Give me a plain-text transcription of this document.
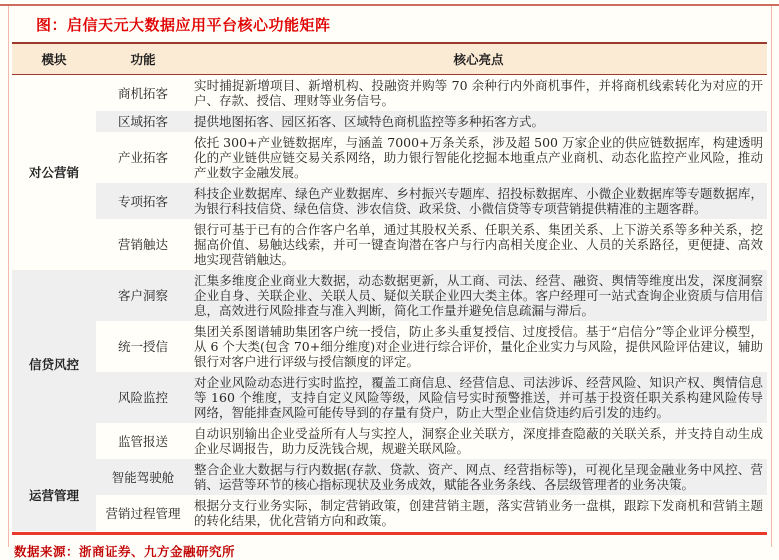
图：启信天元大数据应用平台核心功能矩阵
模块	功能	核心亮点
对公营销	商机拓客	实时捕捉新增项目、新增机构、投融资并购等 70 余种行内外商机事件，并将商机线索转化为对应的开户、存款、授信、理财等业务信号。
	区域拓客	提供地图拓客、园区拓客、区域特色商机监控等多种拓客方式。
	产业拓客	依托 300+产业链数据库，与涵盖 7000+万条关系，涉及超 500 万家企业的供应链数据库，构建透明化的产业链供应链交易关系网络，助力银行智能化挖掘本地重点产业商机、动态化监控产业风险，推动产业数字金融发展。
	专项拓客	科技企业数据库、绿色产业数据库、乡村振兴专题库、招投标数据库、小微企业数据库等专题数据库，为银行科技信贷、绿色信贷、涉农信贷、政采贷、小微信贷等专项营销提供精准的主题客群。
	营销触达	银行可基于已有的合作客户名单，通过其股权关系、任职关系、集团关系、上下游关系等多种关系，挖掘高价值、易触达线索，并可一键查询潜在客户与行内高相关度企业、人员的关系路径，更便捷、高效地实现营销触达。
信贷风控	客户洞察	汇集多维度企业商业大数据，动态数据更新，从工商、司法、经营、融资、舆情等维度出发，深度洞察企业自身、关联企业、关联人员、疑似关联企业四大类主体。客户经理可一站式查询企业资质与信用信息，高效进行风险排查与准入判断，简化工作量并避免信息疏漏与滞后。
	统一授信	集团关系图谱辅助集团客户统一授信，防止多头重复授信、过度授信。基于“启信分”等企业评分模型，从 6 个大类(包含 70+细分维度)对企业进行综合评价，量化企业实力与风险，提供风险评估建议，辅助银行对客户进行评级与授信额度的评定。
	风险监控	对企业风险动态进行实时监控，覆盖工商信息、经营信息、司法涉诉、经营风险、知识产权、舆情信息等 160 个维度，支持自定义风险等级，风险信号实时预警推送，并可基于投资任职关系构建风险传导网络，智能排查风险可能传导到的存量有贷户，防止大型企业信贷违约后引发的违约。
	监管报送	自动识别输出企业受益所有人与实控人，洞察企业关联方，深度排查隐蔽的关联关系，并支持自动生成企业尽调报告，助力反洗钱合规，规避关联风险。
运营管理	智能驾驶舱	整合企业大数据与行内数据(存款、贷款、资产、网点、经营指标等)，可视化呈现金融业务中风控、营销、运营等环节的核心指标现状及业务成效，赋能各业务条线、各层级管理者的业务决策。
	营销过程管理	根据分支行业务实际，制定营销政策，创建营销主题，落实营销业务一盘棋，跟踪下发商机和营销主题的转化结果，优化营销方向和政策。
数据来源：浙商证券、九方金融研究所
